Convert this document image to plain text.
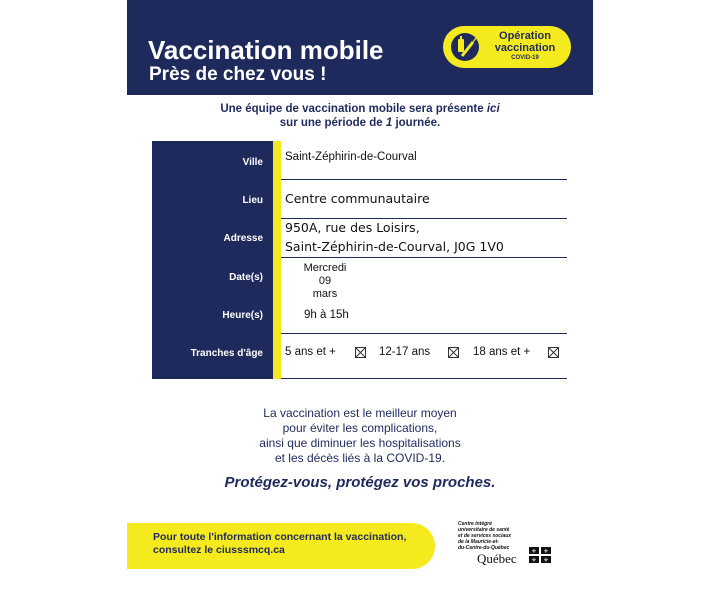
Vaccination mobile
Près de chez vous !
Opération
vaccination
COVID-19
Une équipe de vaccination mobile sera présente ici
sur une période de 1 journée.
Ville
Lieu
Adresse
Date(s)
Heure(s)
Tranches d'âge
Saint-Zéphirin-de-Courval
Centre communautaire
950A, rue des Loisirs,
Saint-Zéphirin-de-Courval, J0G 1V0
Mercredi 09
mars
9h à 15h
5 ans et +	12-17 ans	18 ans et +
La vaccination est le meilleur moyen
pour éviter les complications,
ainsi que diminuer les hospitalisations
et les décès liés à la COVID-19.
Protégez-vous, protégez vos proches.
Pour toute l'information concernant la vaccination,
consultez le ciusssmcq.ca
Centre intégré
universitaire de santé
et de services sociaux
de la Mauricie-et-
du-Centre-du-Québec
Québec ⚜ ⚜
⚜ ⚜
